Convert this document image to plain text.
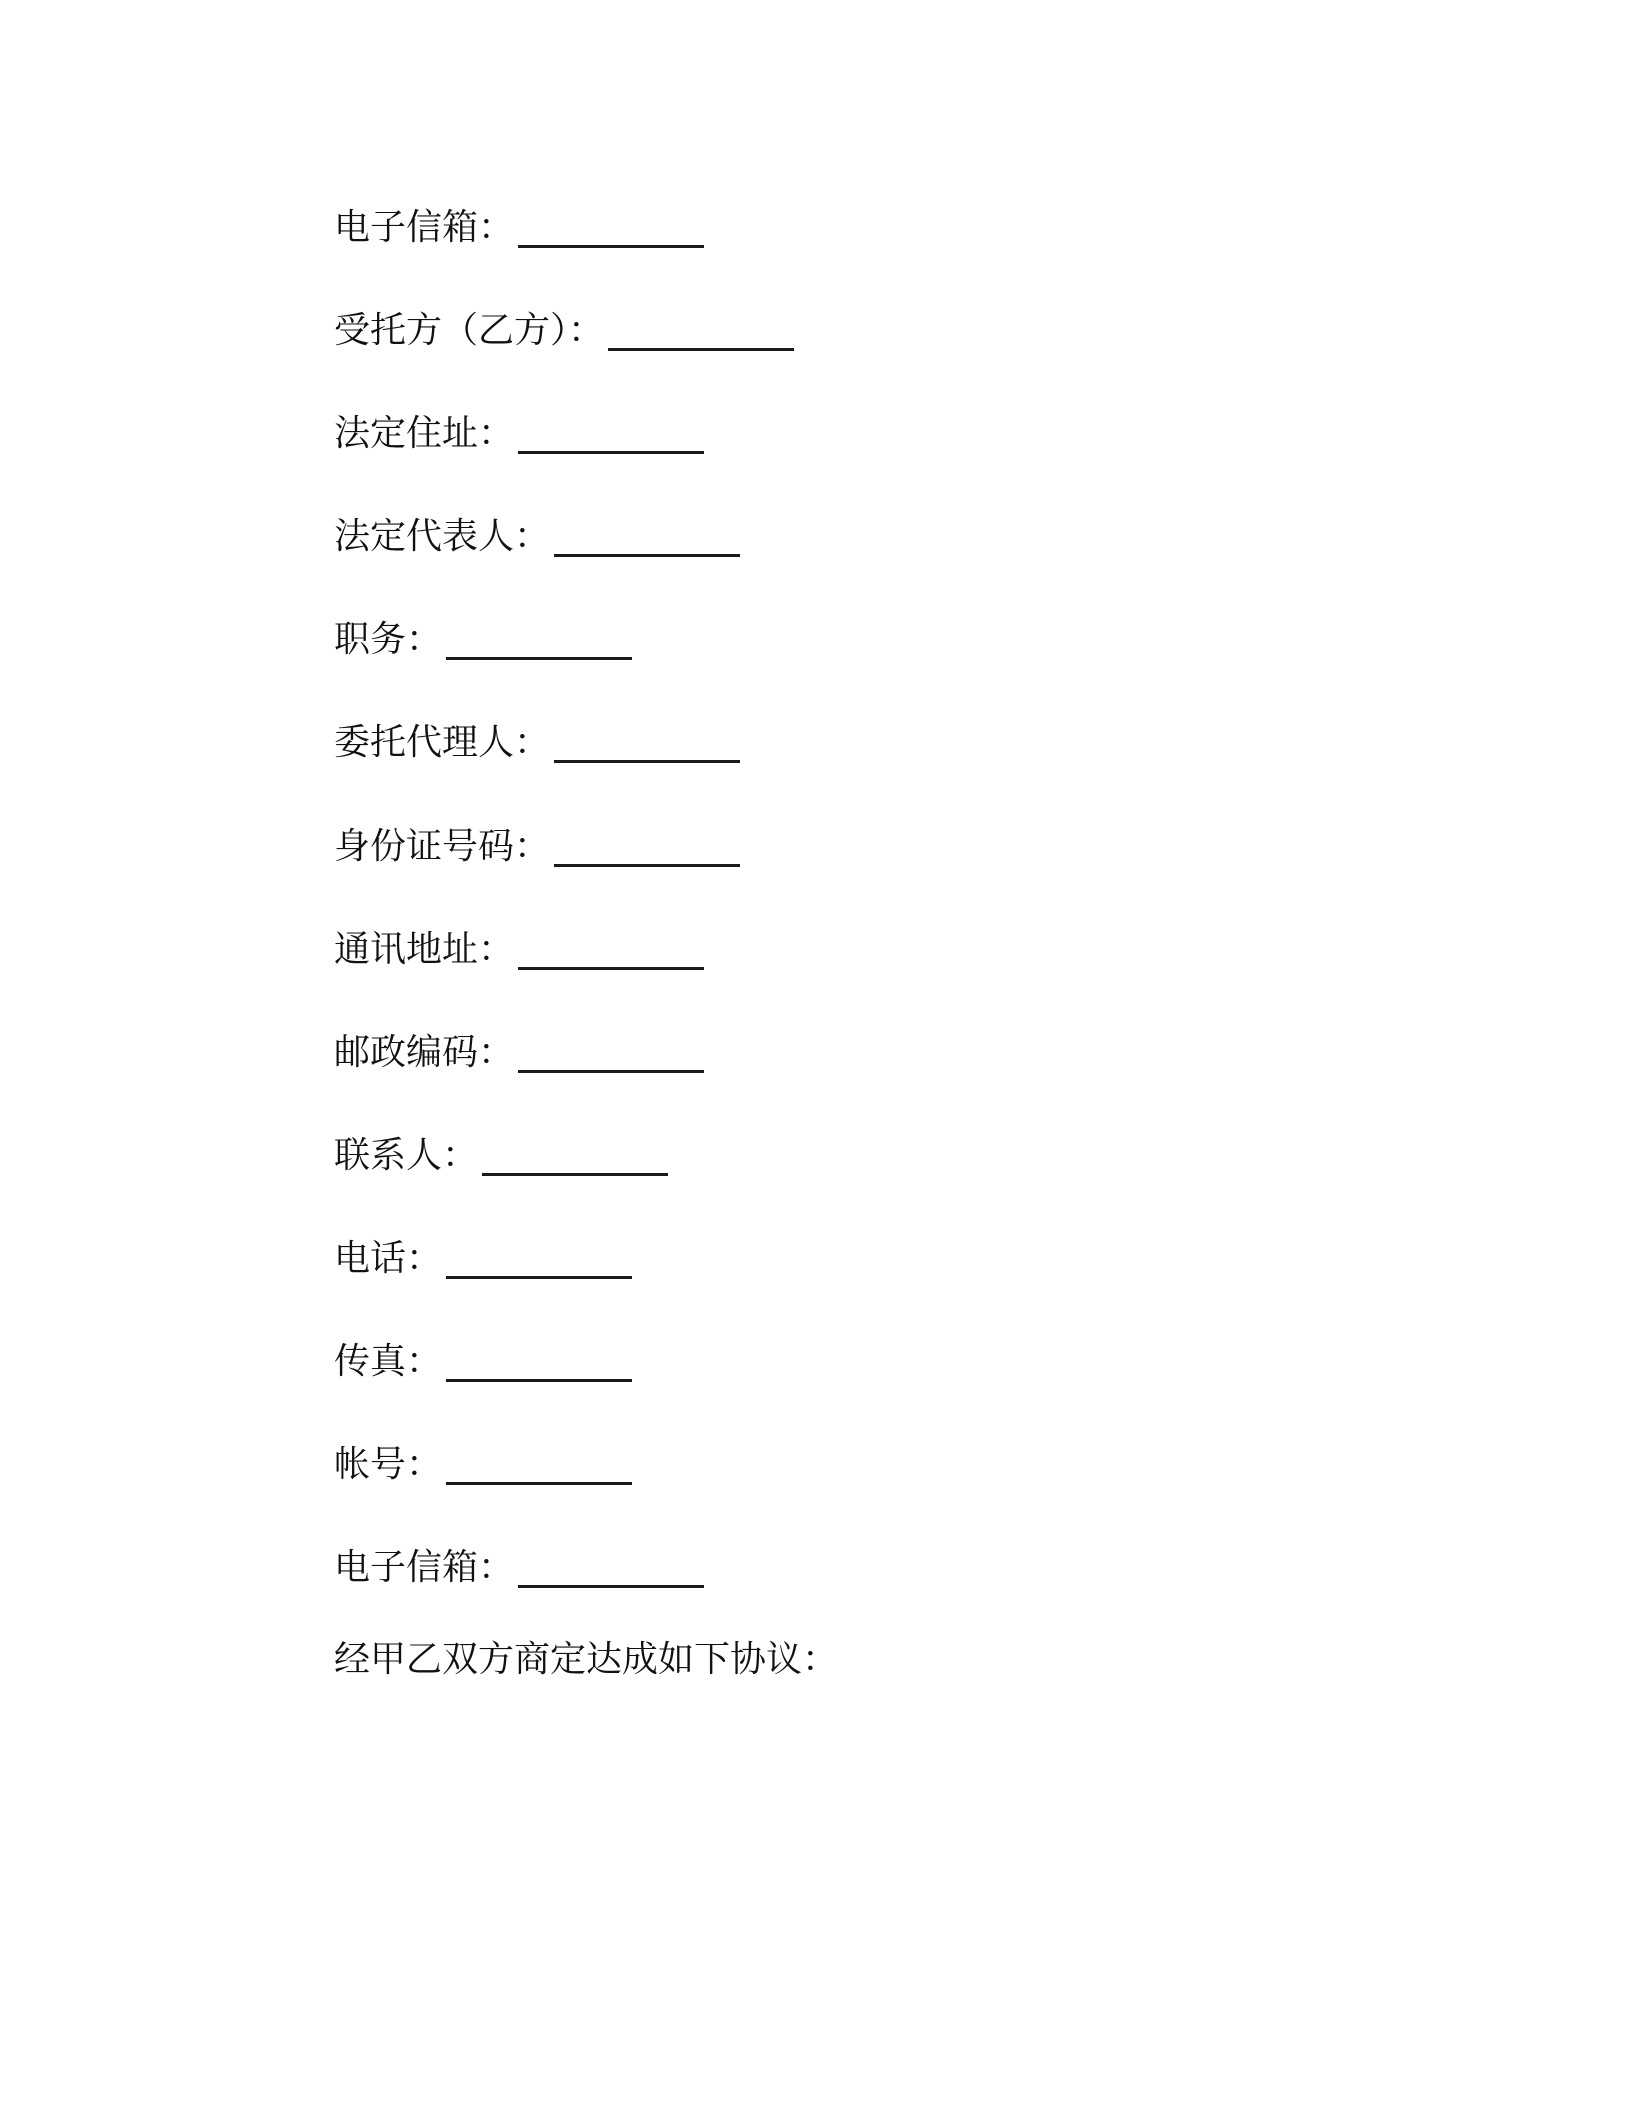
电子信箱：
受托方（乙方）：
法定住址：
法定代表人：
职务：
委托代理人：
身份证号码：
通讯地址：
邮政编码：
联系人：
电话：
传真：
帐号：
电子信箱：
经甲乙双方商定达成如下协议：
